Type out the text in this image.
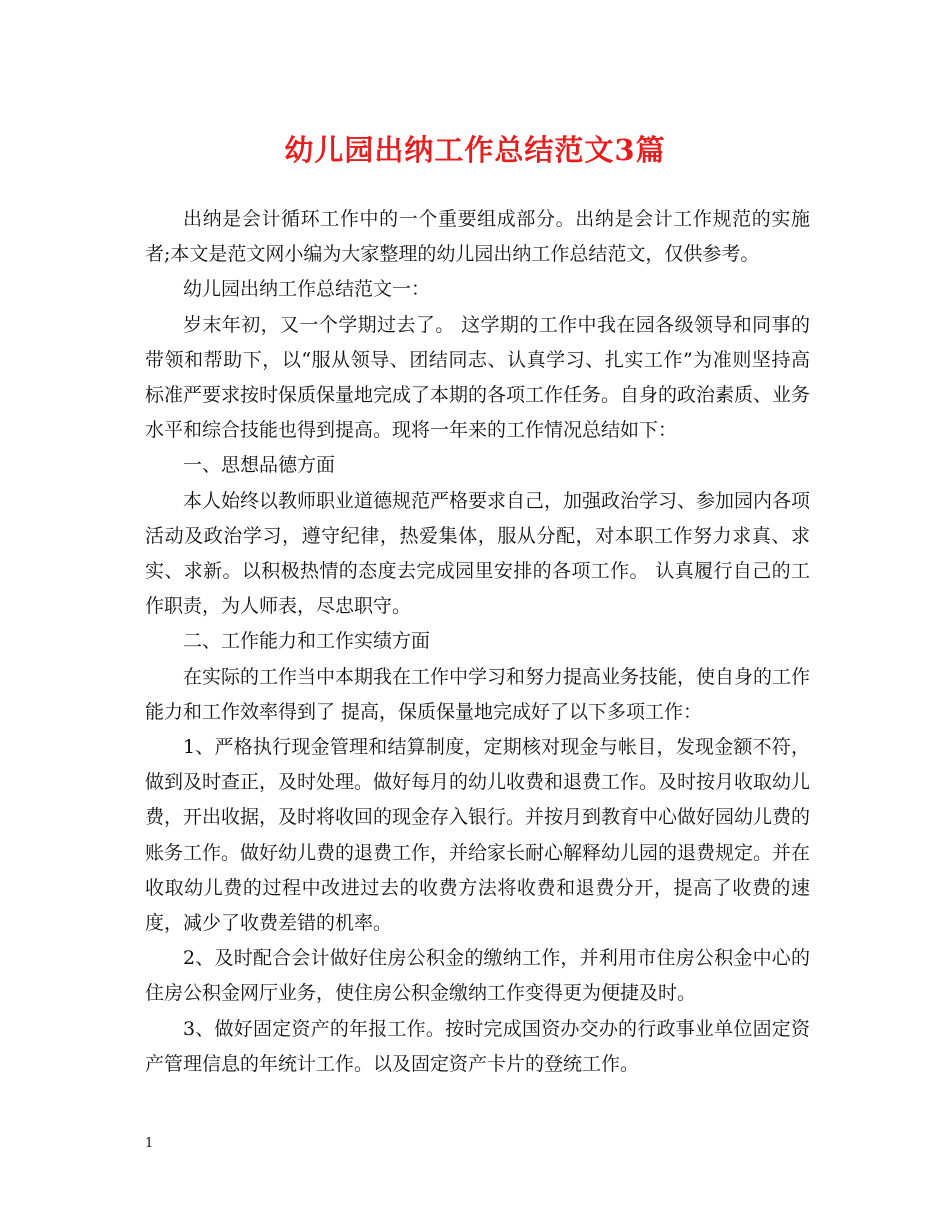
幼儿园出纳工作总结范文3篇

出纳是会计循环工作中的一个重要组成部分。出纳是会计工作规范的实施者;本文是范文网小编为大家整理的幼儿园出纳工作总结范文，仅供参考。

幼儿园出纳工作总结范文一：

岁末年初，又一个学期过去了。 这学期的工作中我在园各级领导和同事的带领和帮助下，以“服从领导、团结同志、认真学习、扎实工作”为准则坚持高标准严要求按时保质保量地完成了本期的各项工作任务。自身的政治素质、业务水平和综合技能也得到提高。现将一年来的工作情况总结如下：

一、思想品德方面

本人始终以教师职业道德规范严格要求自己，加强政治学习、参加园内各项活动及政治学习，遵守纪律，热爱集体，服从分配，对本职工作努力求真、求实、求新。以积极热情的态度去完成园里安排的各项工作。 认真履行自己的工作职责，为人师表，尽忠职守。

二、工作能力和工作实绩方面

在实际的工作当中本期我在工作中学习和努力提高业务技能，使自身的工作能力和工作效率得到了 提高，保质保量地完成好了以下多项工作：

1、严格执行现金管理和结算制度，定期核对现金与帐目，发现金额不符，做到及时查正，及时处理。做好每月的幼儿收费和退费工作。及时按月收取幼儿费，开出收据，及时将收回的现金存入银行。并按月到教育中心做好园幼儿费的账务工作。做好幼儿费的退费工作，并给家长耐心解释幼儿园的退费规定。并在收取幼儿费的过程中改进过去的收费方法将收费和退费分开，提高了收费的速度，减少了收费差错的机率。

2、及时配合会计做好住房公积金的缴纳工作，并利用市住房公积金中心的住房公积金网厅业务，使住房公积金缴纳工作变得更为便捷及时。

3、做好固定资产的年报工作。按时完成国资办交办的行政事业单位固定资产管理信息的年统计工作。以及固定资产卡片的登统工作。

1
